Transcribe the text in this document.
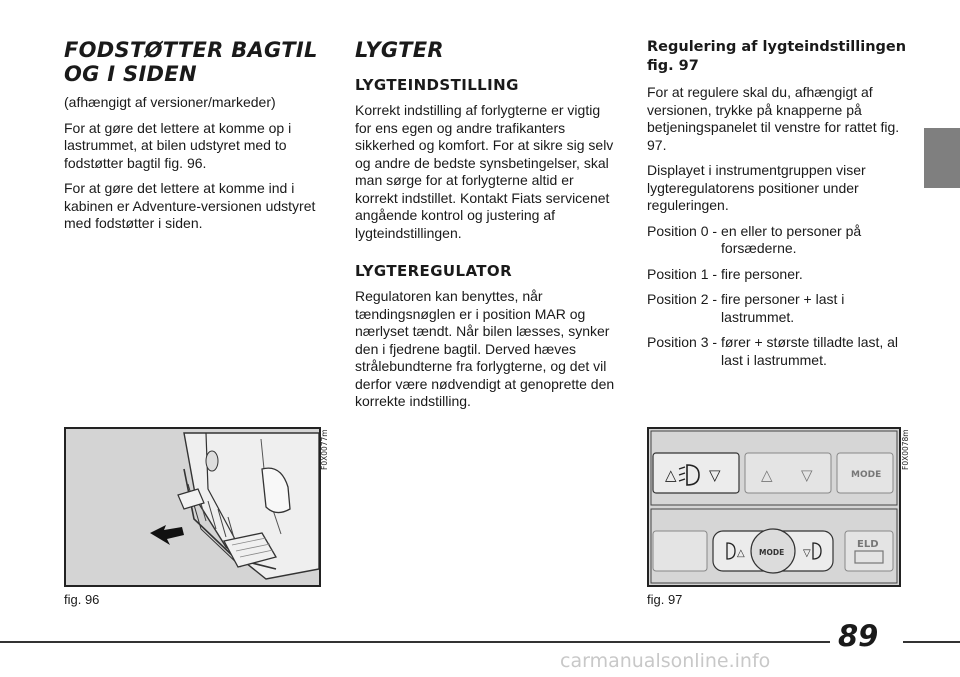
FODSTØTTER BAGTIL
OG I SIDEN

(afhængigt af versioner/markeder)

For at gøre det lettere at komme op i lastrummet, at bilen udstyret med to fodstøtter bagtil fig. 96.

For at gøre det lettere at komme ind i kabinen er Adventure-versionen udstyret med fodstøtter i siden.

LYGTER
LYGTEINDSTILLING

Korrekt indstilling af forlygterne er vigtig for ens egen og andre trafikanters sikkerhed og komfort. For at sikre sig selv og andre de bedste synsbetingelser, skal man sørge for at forlygterne altid er korrekt indstillet. Kontakt Fiats servicenet angående kontrol og justering af lygteindstillingen.

LYGTEREGULATOR

Regulatoren kan benyttes, når tændingsnøglen er i position MAR og nærlyset tændt. Når bilen læsses, synker den i fjedrene bagtil. Derved hæves strålebundterne fra forlygterne, og det vil derfor være nødvendigt at genoprette den korrekte indstilling.

Regulering af lygteindstillingen fig. 97

For at regulere skal du, afhængigt af versionen, trykke på knapperne på betjeningspanelet til venstre for rattet fig. 97.

Displayet i instrumentgruppen viser lygteregulatorens positioner under reguleringen.

Position 0 - en eller to personer på forsæderne.
Position 1 - fire personer.
Position 2 - fire personer + last i lastrummet.
Position 3 - fører + største tilladte last, al last i lastrummet.
F0X0077m
fig. 96
△ ▽	△ ▽	MODE
MODE
△	▽
ELD
F0X0078m
fig. 97
89
carmanualsonline.info
